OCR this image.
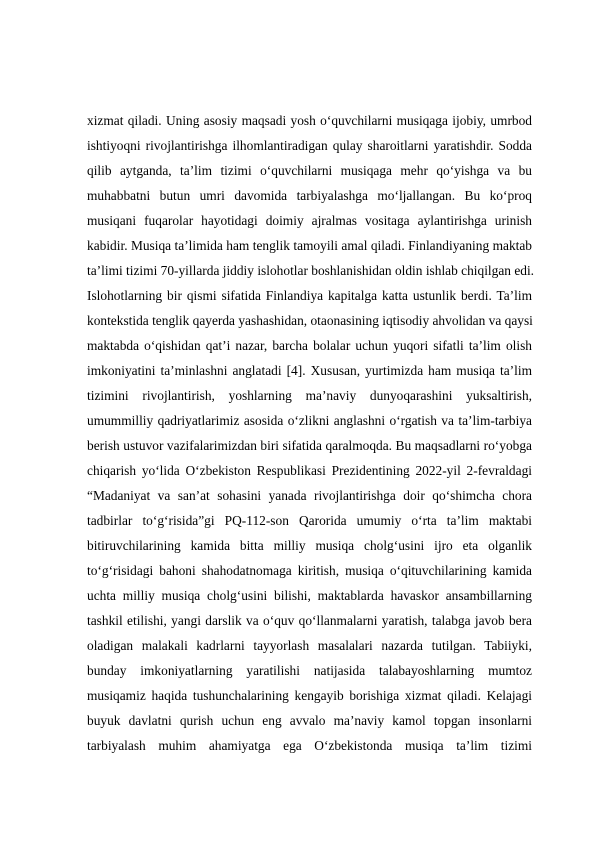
xizmat qiladi. Uning asosiy maqsadi yosh o‘quvchilarni musiqaga ijobiy, umrbod
ishtiyoqni rivojlantirishga ilhomlantiradigan qulay sharoitlarni yaratishdir. Sodda
qilib aytganda, ta’lim tizimi o‘quvchilarni musiqaga mehr qo‘yishga va bu
muhabbatni butun umri davomida tarbiyalashga mo‘ljallangan. Bu ko‘proq
musiqani fuqarolar hayotidagi doimiy ajralmas vositaga aylantirishga urinish
kabidir. Musiqa ta’limida ham tenglik tamoyili amal qiladi. Finlandiyaning maktab
ta’limi tizimi 70-yillarda jiddiy islohotlar boshlanishidan oldin ishlab chiqilgan edi.
Islohotlarning bir qismi sifatida Finlandiya kapitalga katta ustunlik berdi. Ta’lim
kontekstida tenglik qayerda yashashidan, otaonasining iqtisodiy ahvolidan va qaysi
maktabda o‘qishidan qat’i nazar, barcha bolalar uchun yuqori sifatli ta’lim olish
imkoniyatini ta’minlashni anglatadi [4]. Xususan, yurtimizda ham musiqa ta’lim
tizimini rivojlantirish, yoshlarning ma’naviy dunyoqarashini yuksaltirish,
umummilliy qadriyatlarimiz asosida o‘zlikni anglashni o‘rgatish va ta’lim-tarbiya
berish ustuvor vazifalarimizdan biri sifatida qaralmoqda. Bu maqsadlarni ro‘yobga
chiqarish yo‘lida O‘zbekiston Respublikasi Prezidentining 2022-yil 2-fevraldagi
“Madaniyat va san’at sohasini yanada rivojlantirishga doir qo‘shimcha chora
tadbirlar to‘g‘risida”gi PQ-112-son Qarorida umumiy o‘rta ta’lim maktabi
bitiruvchilarining kamida bitta milliy musiqa cholg‘usini ijro eta olganlik
to‘g‘risidagi bahoni shahodatnomaga kiritish, musiqa o‘qituvchilarining kamida
uchta milliy musiqa cholg‘usini bilishi, maktablarda havaskor ansambillarning
tashkil etilishi, yangi darslik va o‘quv qo‘llanmalarni yaratish, talabga javob bera
oladigan malakali kadrlarni tayyorlash masalalari nazarda tutilgan. Tabiiyki,
bunday imkoniyatlarning yaratilishi natijasida talabayoshlarning mumtoz
musiqamiz haqida tushunchalarining kengayib borishiga xizmat qiladi. Kelajagi
buyuk davlatni qurish uchun eng avvalo ma’naviy kamol topgan insonlarni
tarbiyalash muhim ahamiyatga ega O‘zbekistonda musiqa ta’lim tizimi
